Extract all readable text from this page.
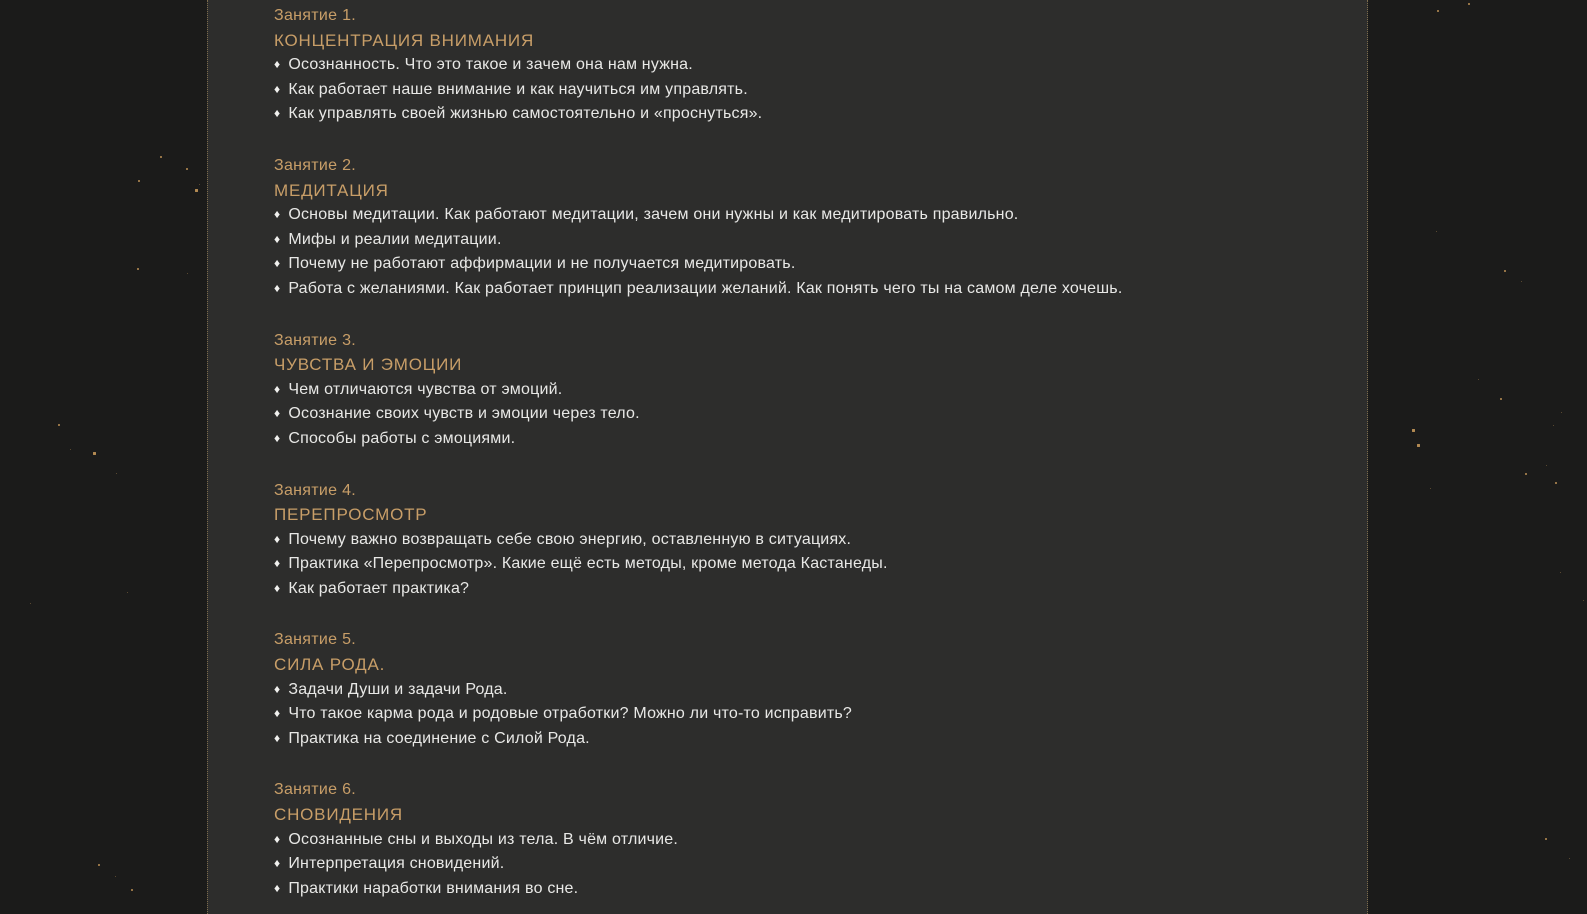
Занятие 1.
КОНЦЕНТРАЦИЯ ВНИМАНИЯ
♦ Осознанность. Что это такое и зачем она нам нужна.
♦ Как работает наше внимание и как научиться им управлять.
♦ Как управлять своей жизнью самостоятельно и «проснуться».
Занятие 2.
МЕДИТАЦИЯ
♦ Основы медитации. Как работают медитации, зачем они нужны и как медитировать правильно.
♦ Мифы и реалии медитации.
♦ Почему не работают аффирмации и не получается медитировать.
♦ Работа с желаниями. Как работает принцип реализации желаний. Как понять чего ты на самом деле хочешь.
Занятие 3.
ЧУВСТВА И ЭМОЦИИ
♦ Чем отличаются чувства от эмоций.
♦ Осознание своих чувств и эмоции через тело.
♦ Способы работы с эмоциями.
Занятие 4.
ПЕРЕПРОСМОТР
♦ Почему важно возвращать себе свою энергию, оставленную в ситуациях.
♦ Практика «Перепросмотр». Какие ещё есть методы, кроме метода Кастанеды.
♦ Как работает практика?
Занятие 5.
СИЛА РОДА.
♦ Задачи Души и задачи Рода.
♦ Что такое карма рода и родовые отработки? Можно ли что-то исправить?
♦ Практика на соединение с Силой Рода.
Занятие 6.
СНОВИДЕНИЯ
♦ Осознанные сны и выходы из тела. В чём отличие.
♦ Интерпретация сновидений.
♦ Практики наработки внимания во сне.
